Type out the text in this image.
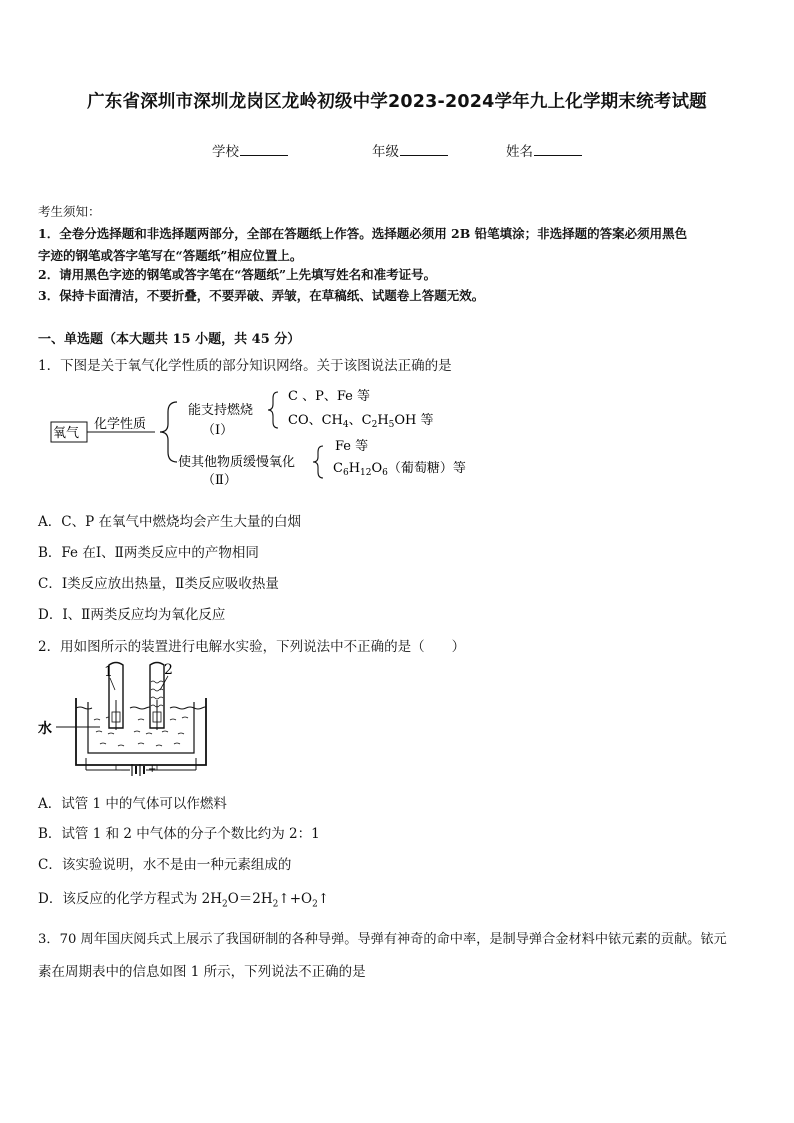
广东省深圳市深圳龙岗区龙岭初级中学2023-2024学年九上化学期末统考试题
学校	年级	姓名
考生须知：
1．全卷分选择题和非选择题两部分，全部在答题纸上作答。选择题必须用 2B 铅笔填涂；非选择题的答案必须用黑色
字迹的钢笔或答字笔写在“答题纸”相应位置上。
2．请用黑色字迹的钢笔或答字笔在“答题纸”上先填写姓名和准考证号。
3．保持卡面清洁，不要折叠，不要弄破、弄皱，在草稿纸、试题卷上答题无效。
一、单选题（本大题共 15 小题，共 45 分）
1．下图是关于氧气化学性质的部分知识网络。关于该图说法正确的是
氧气
化学性质
能支持燃烧
（Ⅰ）
C 、P、Fe 等
CO、$CH_4$、$C_2H_5OH$ 等
使其他物质缓慢氧化
（Ⅱ）
Fe 等
$C_6H_{12}O_6$（葡萄糖）等
A．C、P 在氧气中燃烧均会产生大量的白烟
B．Fe 在Ⅰ、Ⅱ两类反应中的产物相同
C．Ⅰ类反应放出热量，Ⅱ类反应吸收热量
D．Ⅰ、Ⅱ两类反应均为氧化反应
2．用如图所示的装置进行电解水实验，下列说法中不正确的是（　　）
1	2
水
－ +
A．试管 1 中的气体可以作燃料
B．试管 1 和 2 中气体的分子个数比约为 2：1
C．该实验说明，水不是由一种元素组成的
D．该反应的化学方程式为 $2H_2O=2H_2↑+O_2↑$
3．70 周年国庆阅兵式上展示了我国研制的各种导弹。导弹有神奇的命中率，是制导弹合金材料中铱元素的贡献。铱元
素在周期表中的信息如图 1 所示，下列说法不正确的是
